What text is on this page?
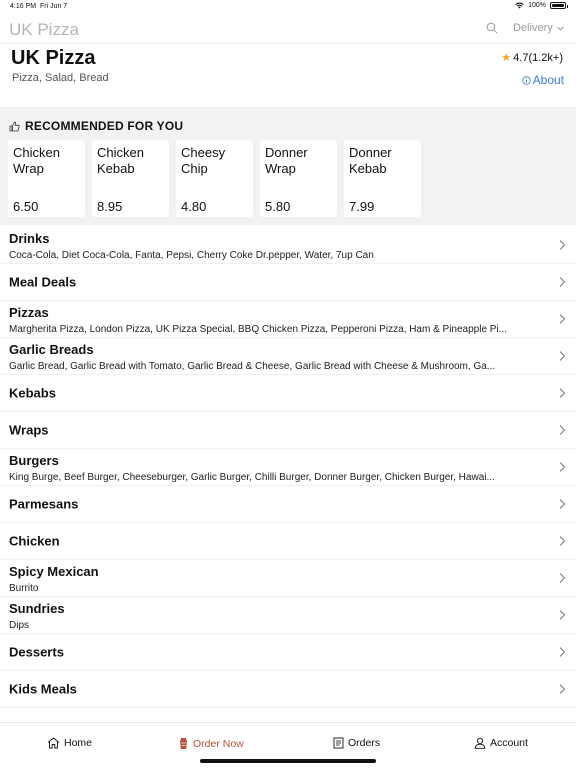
4:16 PM Fri Jun 7	100%
UK Pizza	Delivery
UK Pizza
Pizza, Salad, Bread
★ 4.7(1.2k+)
About
RECOMMENDED FOR YOU
Chicken Wrap
6.50
Chicken Kebab
8.95
Cheesy Chip
4.80
Donner Wrap
5.80
Donner Kebab
7.99
Drinks
Coca-Cola, Diet Coca-Cola, Fanta, Pepsi, Cherry Coke Dr.pepper, Water, 7up Can
Meal Deals
Pizzas
Margherita Pizza, London Pizza, UK Pizza Special, BBQ Chicken Pizza, Pepperoni Pizza, Ham & Pineapple Pi...
Garlic Breads
Garlic Bread, Garlic Bread with Tomato, Garlic Bread & Cheese, Garlic Bread with Cheese & Mushroom, Ga...
Kebabs
Wraps
Burgers
King Burge, Beef Burger, Cheeseburger, Garlic Burger, Chilli Burger, Donner Burger, Chicken Burger, Hawai...
Parmesans
Chicken
Spicy Mexican
Burrito
Sundries
Dips
Desserts
Kids Meals
Home	Order Now	Orders	Account
